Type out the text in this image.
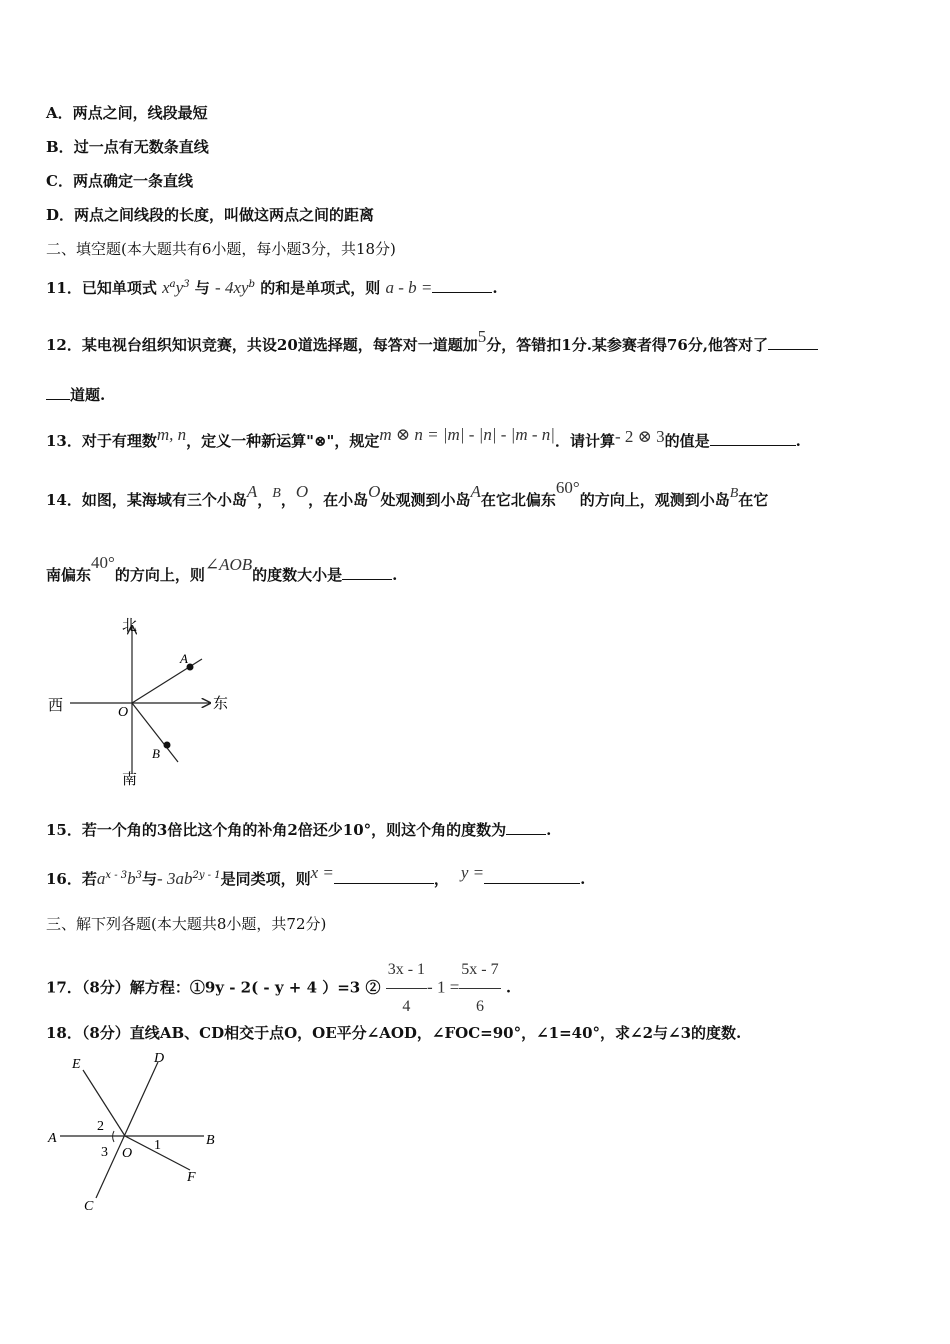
A．两点之间，线段最短
B．过一点有无数条直线
C．两点确定一条直线
D．两点之间线段的长度，叫做这两点之间的距离
二、填空题(本大题共有6小题，每小题3分，共18分)
11．已知单项式 $x^ay^3$ 与 - $4xy^b$ 的和是单项式，则 a - b =	.
12．某电视台组织知识竞赛，共设20道选择题，每答对一道题加5分，答错扣1分.某参赛者得76分,他答对了
道题.
13．对于有理数m, n，定义一种新运算"⊗"，规定m ⊗ n = |m| - |n| - |m - n|．请计算- 2 ⊗ 3的值是	.
14．如图，某海域有三个小岛A，B，O，在小岛O处观测到小岛A在它北偏东60°的方向上，观测到小岛B在它
南偏东40°的方向上，则∠AOB的度数大小是	.
北
南
东
西	O
A
B
15．若一个角的3倍比这个角的补角2倍还少10°，则这个角的度数为	.
16．若$a^{x - 3}b^3$与- $3ab^{2y - 1}$是同类项，则x =	， y =	.
三、解下列各题(本大题共8小题，共72分)
17．（8分）解方程：①9y - 2( - y + 4 ）=3 ② $\frac{3x - 1}{4} - 1 = \frac{5x - 7}{6}$ .
18．（8分）直线AB、CD相交于点O，OE平分∠AOD，∠FOC=90°，∠1=40°，求∠2与∠3的度数.
A	B
C
D
E
F
O
1
2
3
